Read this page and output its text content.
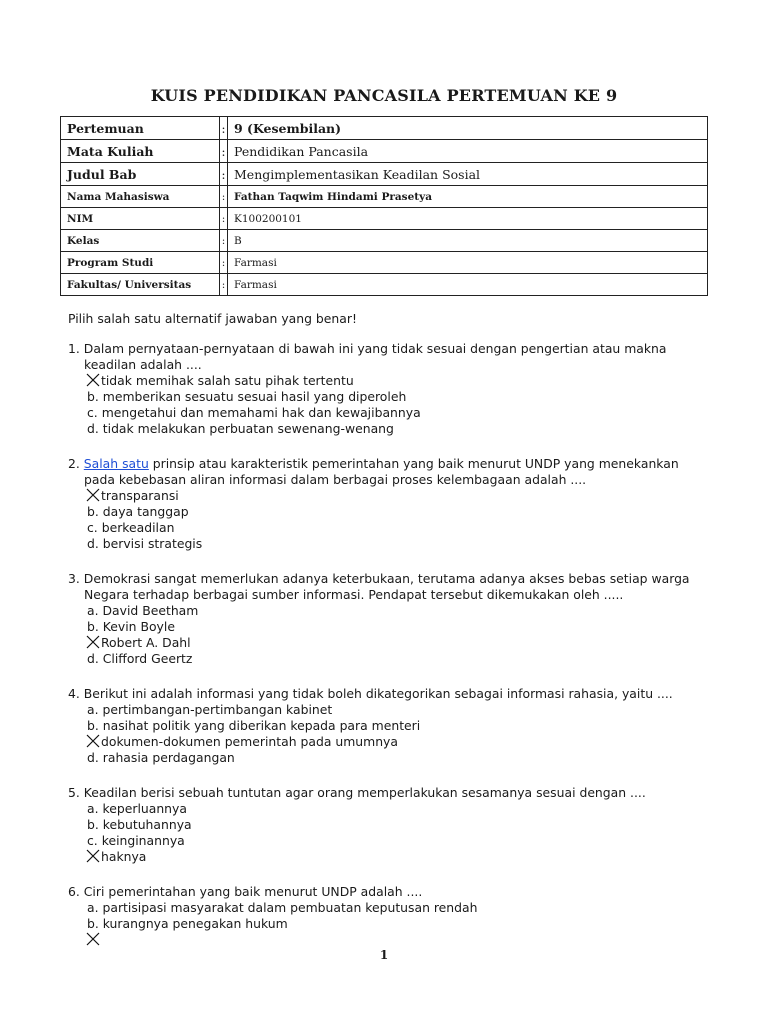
KUIS PENDIDIKAN PANCASILA PERTEMUAN KE 9
Pertemuan	:	9 (Kesembilan)
Mata Kuliah	:	Pendidikan Pancasila
Judul Bab	:	Mengimplementasikan Keadilan Sosial
Nama Mahasiswa	:	Fathan Taqwim Hindami Prasetya
NIM	:	K100200101
Kelas	:	B
Program Studi	:	Farmasi
Fakultas/ Universitas	:	Farmasi
Pilih salah satu alternatif jawaban yang benar!
1. Dalam pernyataan-pernyataan di bawah ini yang tidak sesuai dengan pengertian atau makna keadilan adalah ....
tidak memihak salah satu pihak tertentu
b. memberikan sesuatu sesuai hasil yang diperoleh
c. mengetahui dan memahami hak dan kewajibannya
d. tidak melakukan perbuatan sewenang-wenang
2. Salah satu prinsip atau karakteristik pemerintahan yang baik menurut UNDP yang menekankan pada kebebasan aliran informasi dalam berbagai proses kelembagaan adalah ....
transparansi
b. daya tanggap
c. berkeadilan
d. bervisi strategis
3. Demokrasi sangat memerlukan adanya keterbukaan, terutama adanya akses bebas setiap warga Negara terhadap berbagai sumber informasi. Pendapat tersebut dikemukakan oleh .....
a. David Beetham
b. Kevin Boyle
Robert A. Dahl
d. Clifford Geertz
4. Berikut ini adalah informasi yang tidak boleh dikategorikan sebagai informasi rahasia, yaitu ....
a. pertimbangan-pertimbangan kabinet
b. nasihat politik yang diberikan kepada para menteri
dokumen-dokumen pemerintah pada umumnya
d. rahasia perdagangan
5. Keadilan berisi sebuah tuntutan agar orang memperlakukan sesamanya sesuai dengan ....
a. keperluannya
b. kebutuhannya
c. keinginannya
haknya
6. Ciri pemerintahan yang baik menurut UNDP adalah ....
a. partisipasi masyarakat dalam pembuatan keputusan rendah
b. kurangnya penegakan hukum
1
